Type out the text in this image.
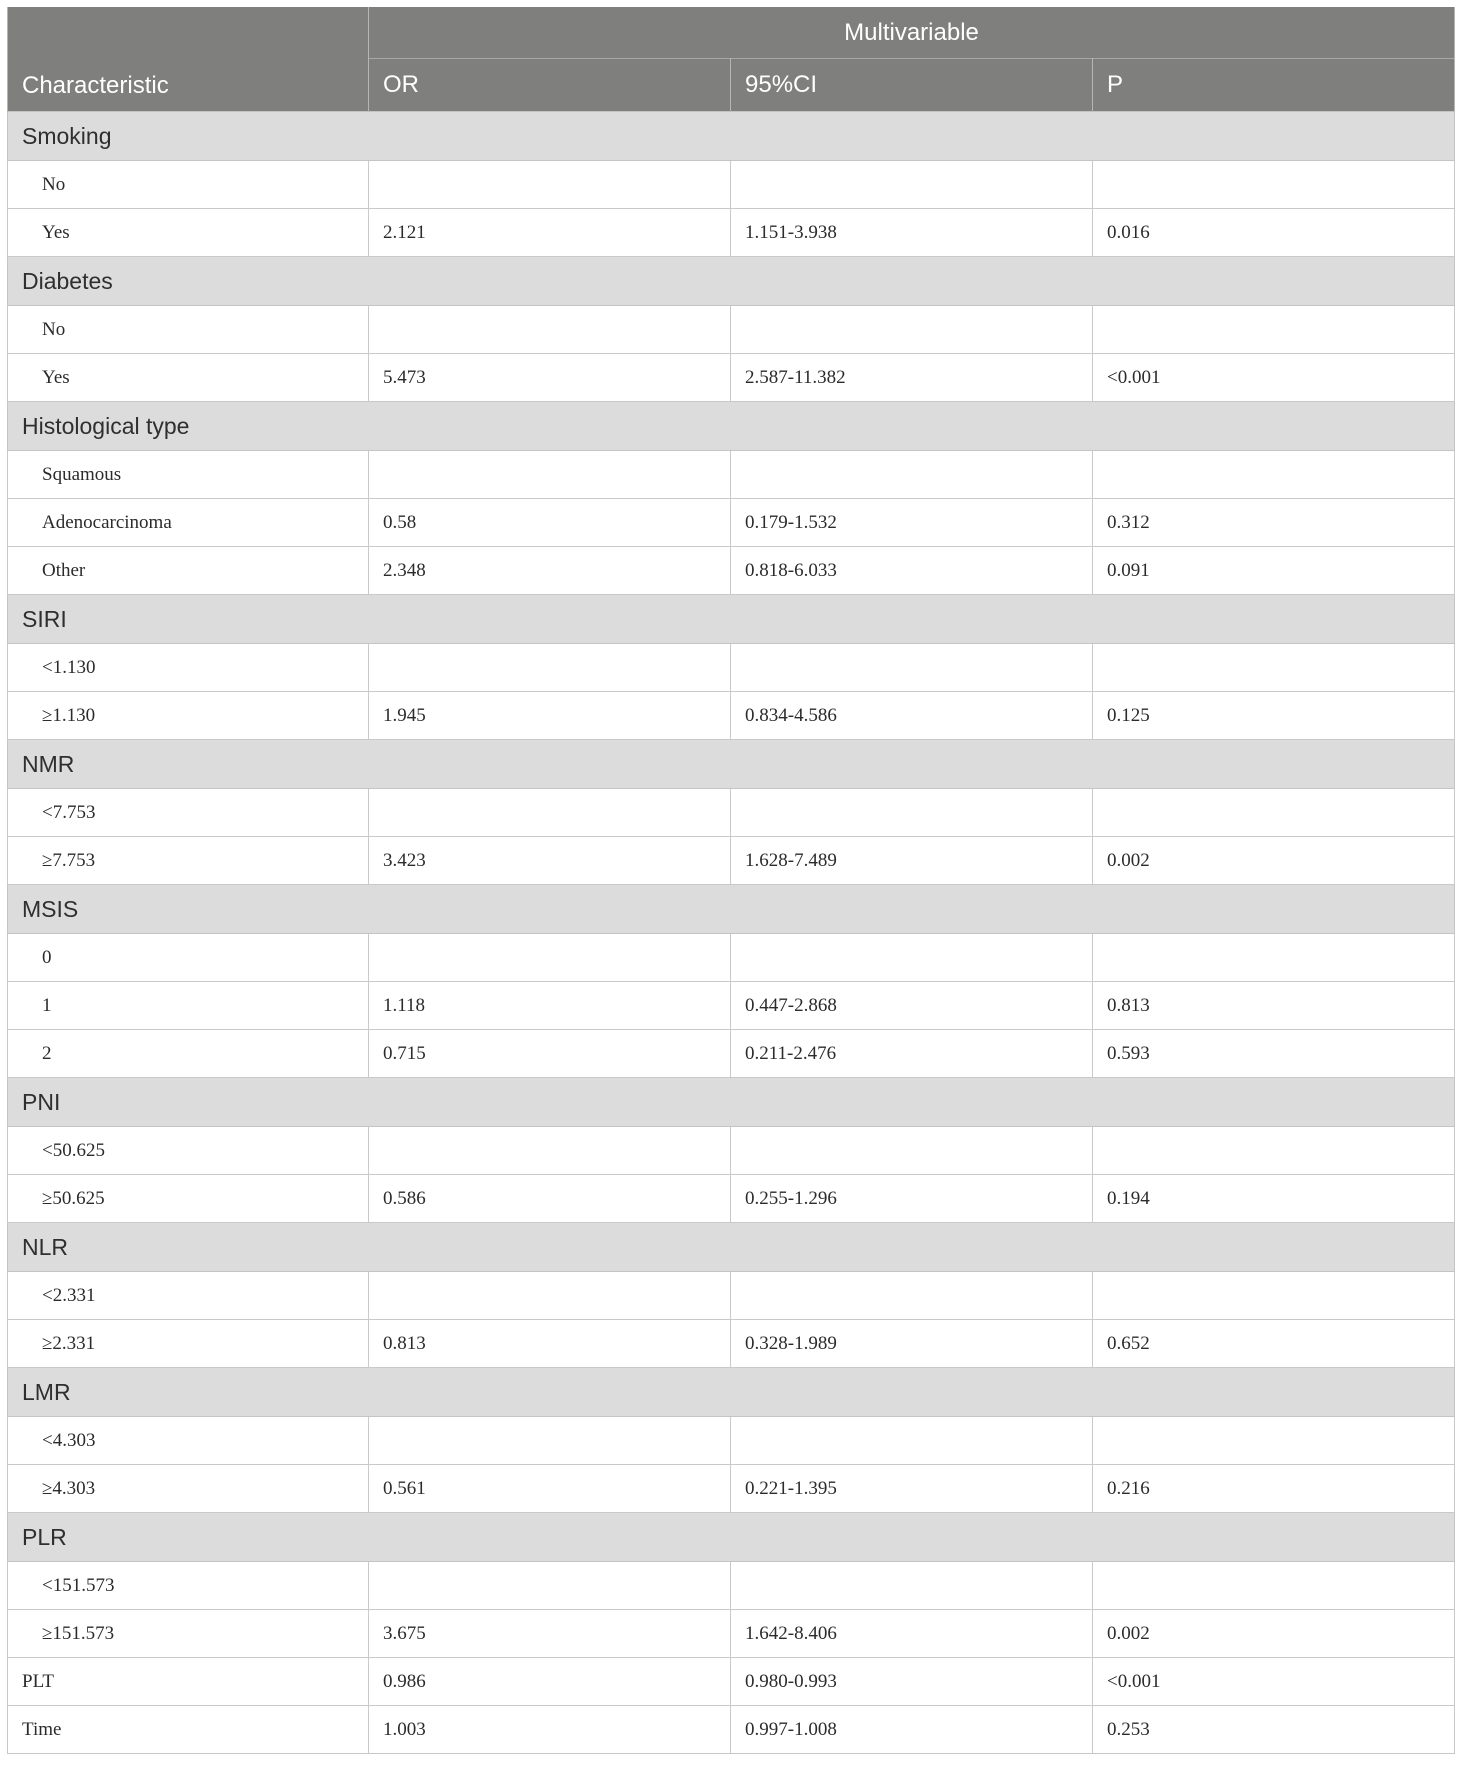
Characteristic	Multivariable		
	OR	95%CI	P
Smoking			
No			
Yes	2.121	1.151-3.938	0.016
Diabetes			
No			
Yes	5.473	2.587-11.382	<0.001
Histological type			
Squamous			
Adenocarcinoma	0.58	0.179-1.532	0.312
Other	2.348	0.818-6.033	0.091
SIRI			
<1.130			
≥1.130	1.945	0.834-4.586	0.125
NMR			
<7.753			
≥7.753	3.423	1.628-7.489	0.002
MSIS			
0			
1	1.118	0.447-2.868	0.813
2	0.715	0.211-2.476	0.593
PNI			
<50.625			
≥50.625	0.586	0.255-1.296	0.194
NLR			
<2.331			
≥2.331	0.813	0.328-1.989	0.652
LMR			
<4.303			
≥4.303	0.561	0.221-1.395	0.216
PLR			
<151.573			
≥151.573	3.675	1.642-8.406	0.002
PLT	0.986	0.980-0.993	<0.001
Time	1.003	0.997-1.008	0.253
